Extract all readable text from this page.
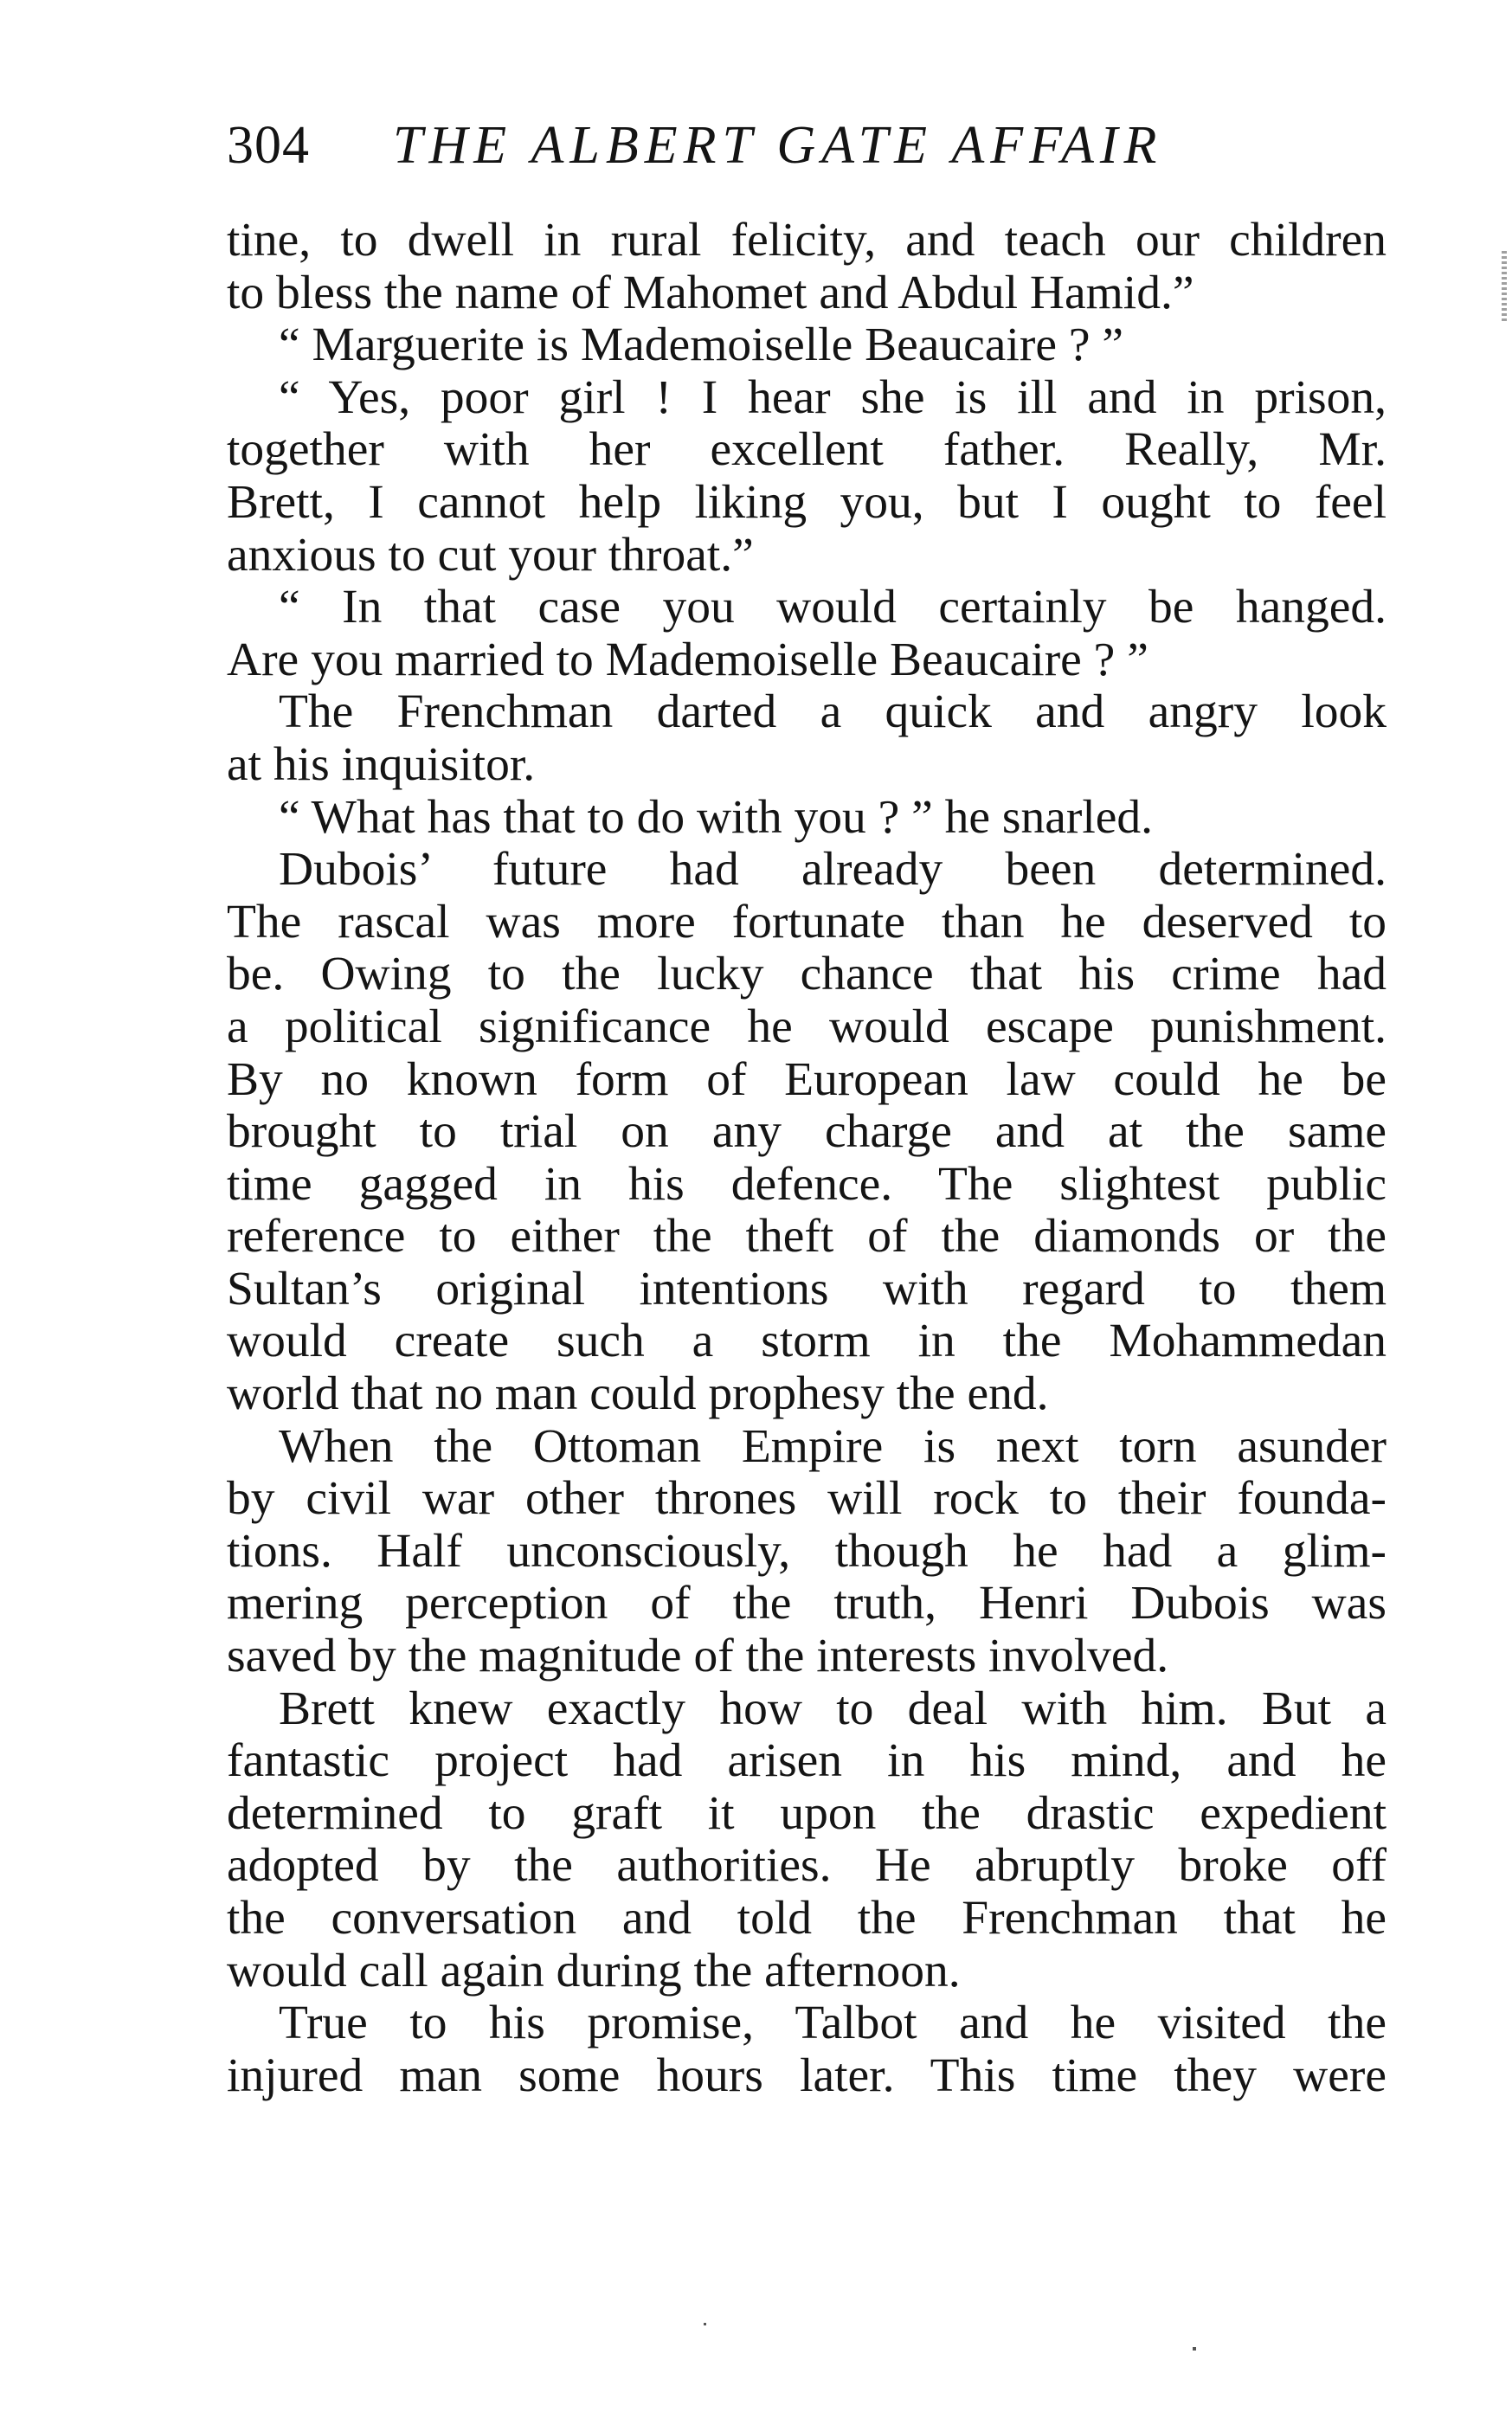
304 THE ALBERT GATE AFFAIR
tine, to dwell in rural felicity, and teach our children
to bless the name of Mahomet and Abdul Hamid.”
“ Marguerite is Mademoiselle Beaucaire ? ”
“ Yes, poor girl ! I hear she is ill and in prison,
together with her excellent father. Really, Mr.
Brett, I cannot help liking you, but I ought to feel
anxious to cut your throat.”
“ In that case you would certainly be hanged.
Are you married to Mademoiselle Beaucaire ? ”
The Frenchman darted a quick and angry look
at his inquisitor.
“ What has that to do with you ? ” he snarled.
Dubois’ future had already been determined.
The rascal was more fortunate than he deserved to
be. Owing to the lucky chance that his crime had
a political significance he would escape punishment.
By no known form of European law could he be
brought to trial on any charge and at the same
time gagged in his defence. The slightest public
reference to either the theft of the diamonds or the
Sultan’s original intentions with regard to them
would create such a storm in the Mohammedan
world that no man could prophesy the end.
When the Ottoman Empire is next torn asunder
by civil war other thrones will rock to their founda-
tions. Half unconsciously, though he had a glim-
mering perception of the truth, Henri Dubois was
saved by the magnitude of the interests involved.
Brett knew exactly how to deal with him. But a
fantastic project had arisen in his mind, and he
determined to graft it upon the drastic expedient
adopted by the authorities. He abruptly broke off
the conversation and told the Frenchman that he
would call again during the afternoon.
True to his promise, Talbot and he visited the
injured man some hours later. This time they were
